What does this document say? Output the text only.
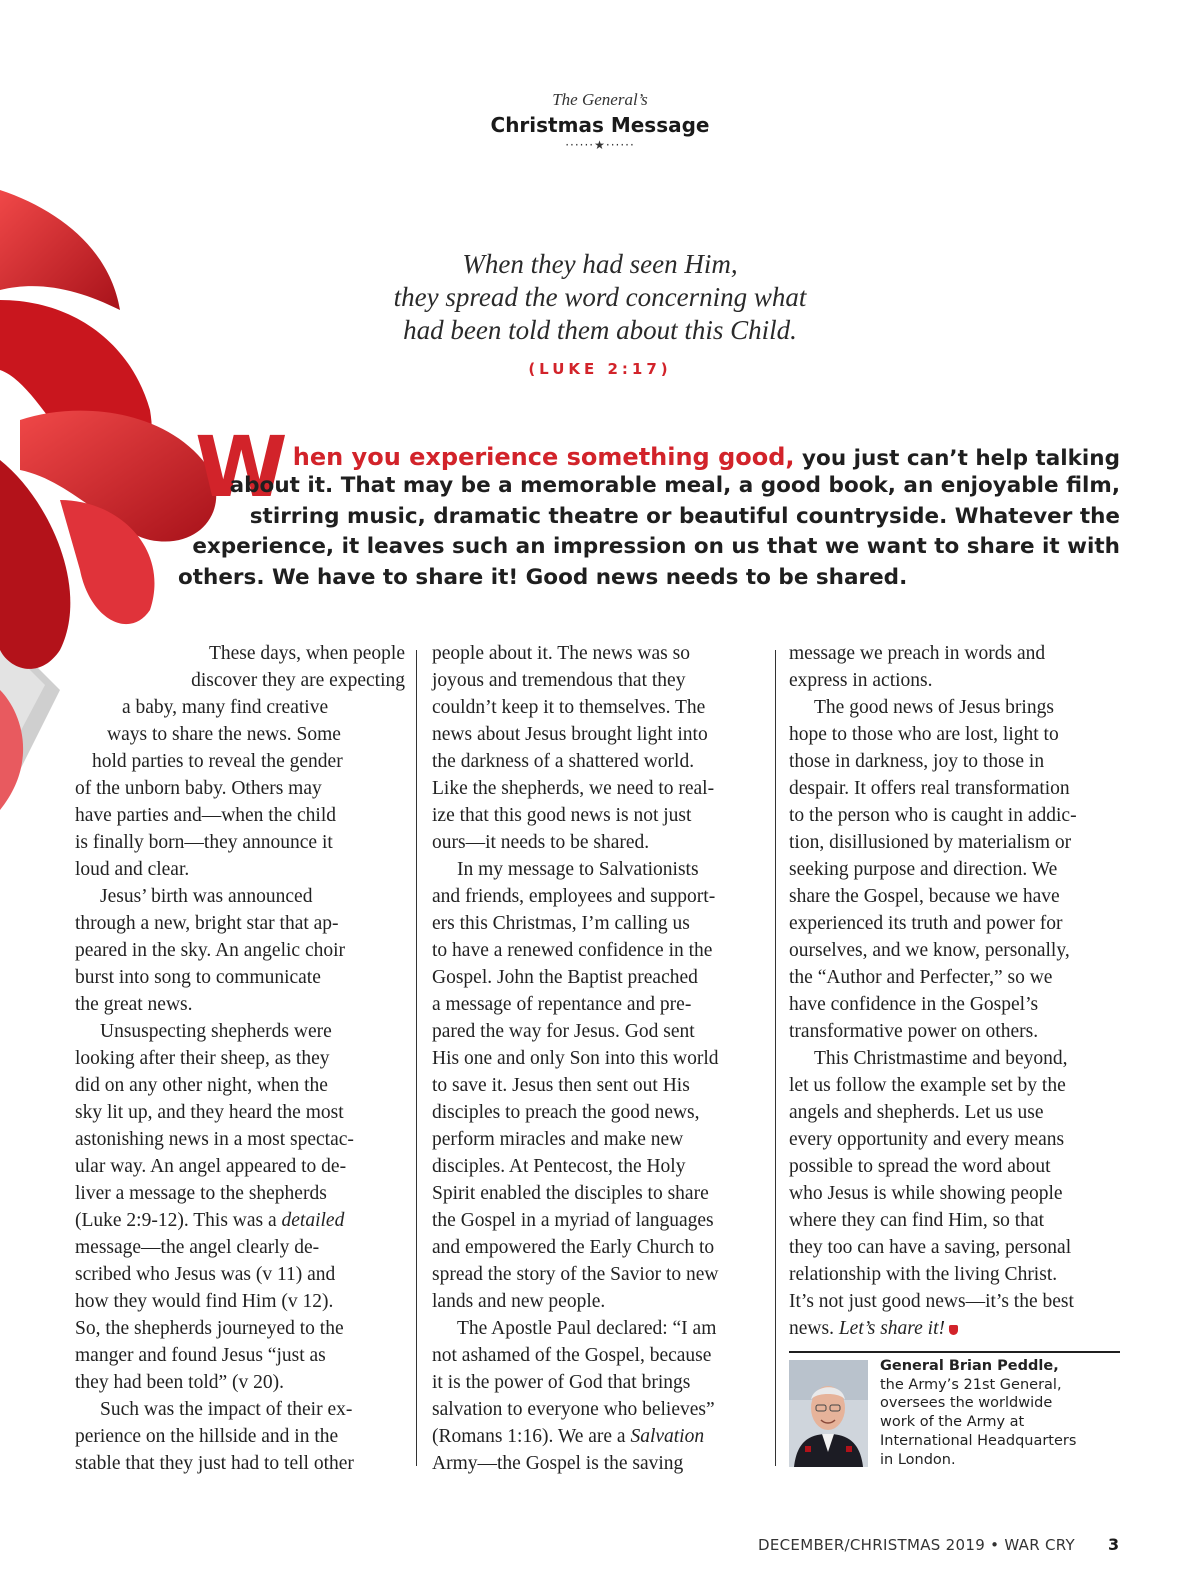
The General’s
Christmas Message
······★······
When they had seen Him,
they spread the word concerning what
had been told them about this Child.
(LUKE 2:17)
W hen you experience something good, you just can’t help talking
about it. That may be a memorable meal, a good book, an enjoyable film,
stirring music, dramatic theatre or beautiful countryside. Whatever the
experience, it leaves such an impression on us that we want to share it with
others. We have to share it! Good news needs to be shared.
These days, when people
discover they are expecting
a baby, many find creative
ways to share the news. Some
hold parties to reveal the gender
of the unborn baby. Others may
have parties and—when the child
is finally born—they announce it
loud and clear.
Jesus’ birth was announced
through a new, bright star that ap-
peared in the sky. An angelic choir
burst into song to communicate
the great news.
Unsuspecting shepherds were
looking after their sheep, as they
did on any other night, when the
sky lit up, and they heard the most
astonishing news in a most spectac-
ular way. An angel appeared to de-
liver a message to the shepherds
(Luke 2:9-12). This was a detailed
message—the angel clearly de-
scribed who Jesus was (v 11) and
how they would find Him (v 12).
So, the shepherds journeyed to the
manger and found Jesus “just as
they had been told” (v 20).
Such was the impact of their ex-
perience on the hillside and in the
stable that they just had to tell other
people about it. The news was so
joyous and tremendous that they
couldn’t keep it to themselves. The
news about Jesus brought light into
the darkness of a shattered world.
Like the shepherds, we need to real-
ize that this good news is not just
ours—it needs to be shared.
In my message to Salvationists
and friends, employees and support-
ers this Christmas, I’m calling us
to have a renewed confidence in the
Gospel. John the Baptist preached
a message of repentance and pre-
pared the way for Jesus. God sent
His one and only Son into this world
to save it. Jesus then sent out His
disciples to preach the good news,
perform miracles and make new
disciples. At Pentecost, the Holy
Spirit enabled the disciples to share
the Gospel in a myriad of languages
and empowered the Early Church to
spread the story of the Savior to new
lands and new people.
The Apostle Paul declared: “I am
not ashamed of the Gospel, because
it is the power of God that brings
salvation to everyone who believes”
(Romans 1:16). We are a Salvation
Army—the Gospel is the saving
message we preach in words and
express in actions.
The good news of Jesus brings
hope to those who are lost, light to
those in darkness, joy to those in
despair. It offers real transformation
to the person who is caught in addic-
tion, disillusioned by materialism or
seeking purpose and direction. We
share the Gospel, because we have
experienced its truth and power for
ourselves, and we know, personally,
the “Author and Perfecter,” so we
have confidence in the Gospel’s
transformative power on others.
This Christmastime and beyond,
let us follow the example set by the
angels and shepherds. Let us use
every opportunity and every means
possible to spread the word about
who Jesus is while showing people
where they can find Him, so that
they too can have a saving, personal
relationship with the living Christ.
It’s not just good news—it’s the best
news. Let’s share it!
General Brian Peddle,
the Army’s 21st General,
oversees the worldwide
work of the Army at
International Headquarters
in London.
DECEMBER/CHRISTMAS 2019 • WAR CRY 3
